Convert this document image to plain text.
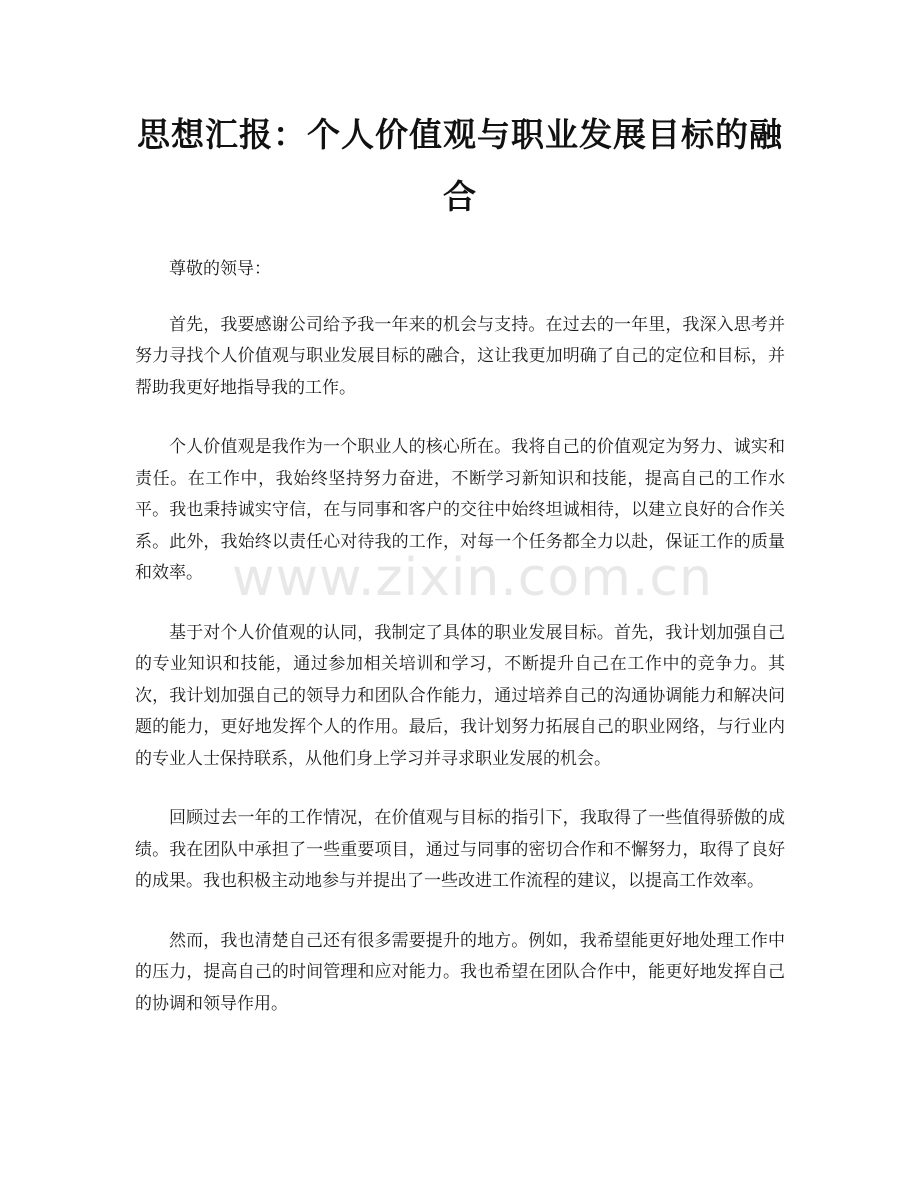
思想汇报：个人价值观与职业发展目标的融合

尊敬的领导：

首先，我要感谢公司给予我一年来的机会与支持。在过去的一年里，我深入思考并努力寻找个人价值观与职业发展目标的融合，这让我更加明确了自己的定位和目标，并帮助我更好地指导我的工作。

个人价值观是我作为一个职业人的核心所在。我将自己的价值观定为努力、诚实和责任。在工作中，我始终坚持努力奋进，不断学习新知识和技能，提高自己的工作水平。我也秉持诚实守信，在与同事和客户的交往中始终坦诚相待，以建立良好的合作关系。此外，我始终以责任心对待我的工作，对每一个任务都全力以赴，保证工作的质量和效率。

基于对个人价值观的认同，我制定了具体的职业发展目标。首先，我计划加强自己的专业知识和技能，通过参加相关培训和学习，不断提升自己在工作中的竞争力。其次，我计划加强自己的领导力和团队合作能力，通过培养自己的沟通协调能力和解决问题的能力，更好地发挥个人的作用。最后，我计划努力拓展自己的职业网络，与行业内的专业人士保持联系，从他们身上学习并寻求职业发展的机会。

回顾过去一年的工作情况，在价值观与目标的指引下，我取得了一些值得骄傲的成绩。我在团队中承担了一些重要项目，通过与同事的密切合作和不懈努力，取得了良好的成果。我也积极主动地参与并提出了一些改进工作流程的建议，以提高工作效率。

然而，我也清楚自己还有很多需要提升的地方。例如，我希望能更好地处理工作中的压力，提高自己的时间管理和应对能力。我也希望在团队合作中，能更好地发挥自己的协调和领导作用。

www.zixin.com.cn
